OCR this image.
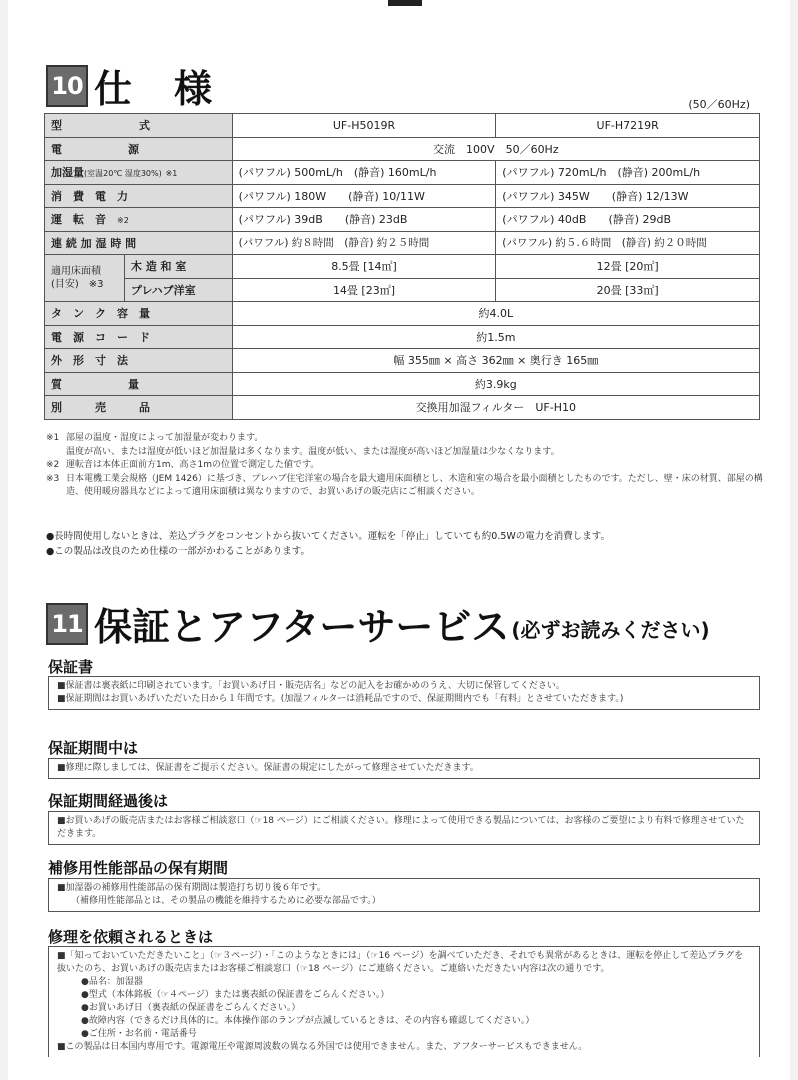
10 仕　様	(50／60Hz)
型　　　　　　　式		UF-H5019R	UF-H7219R
電　　　　　　源		交流　100V　50／60Hz	
加湿量(室温20℃ 湿度30%) ※1		(パワフル) 500mL/h　(静音) 160mL/h	(パワフル) 720mL/h　(静音) 200mL/h
消　費　電　力		(パワフル) 180W　　(静音) 10/11W	(パワフル) 345W　　(静音) 12/13W
運　転　音　 ※2		(パワフル) 39dB　　(静音) 23dB	(パワフル) 40dB　　(静音) 29dB
連 続 加 湿 時 間		(パワフル) 約８時間　(静音) 約２５時間	(パワフル) 約５.６時間　(静音) 約２０時間
適用床面積
(目安)　※3	木 造 和 室	8.5畳 [14㎡]	12畳 [20㎡]
	プレハブ洋室	14畳 [23㎡]	20畳 [33㎡]
タ　ン　ク　容　量		約4.0L	
電　源　コ　ー　ド		約1.5m	
外　形　寸　法		幅 355㎜ × 高さ 362㎜ × 奥行き 165㎜	
質　　　　　　量		約3.9kg	
別　　　売　　　品		交換用加湿フィルター　UF-H10	
※1 部屋の温度・湿度によって加湿量が変わります。
温度が高い、または湿度が低いほど加湿量は多くなります。温度が低い、または湿度が高いほど加湿量は少なくなります。
※2 運転音は本体正面前方1m、高さ1mの位置で測定した値です。
※3 日本電機工業会規格（JEM 1426）に基づき、プレハブ住宅洋室の場合を最大適用床面積とし、木造和室の場合を最小面積としたものです。ただし、壁・床の材質、部屋の構造、使用暖房器具などによって適用床面積は異なりますので、お買いあげの販売店にご相談ください。
●長時間使用しないときは、差込プラグをコンセントから抜いてください。運転を「停止」していても約0.5Wの電力を消費します。
●この製品は改良のため仕様の一部がかわることがあります。
11 保証とアフターサービス (必ずお読みください)
保証書
■保証書は裏表紙に印刷されています。「お買いあげ日・販売店名」などの記入をお確かめのうえ、大切に保管してください。
■保証期間はお買いあげいただいた日から１年間です。(加湿フィルターは消耗品ですので、保証期間内でも「有料」とさせていただきます。)
保証期間中は
■修理に際しましては、保証書をご提示ください。保証書の規定にしたがって修理させていただきます。
保証期間経過後は
■お買いあげの販売店またはお客様ご相談窓口（☞18 ページ）にご相談ください。修理によって使用できる製品については、お客様のご要望により有料で修理させていただきます。
補修用性能部品の保有期間
■加湿器の補修用性能部品の保有期間は製造打ち切り後６年です。
（補修用性能部品とは、その製品の機能を維持するために必要な部品です。）
修理を依頼されるときは
■「知っておいていただきたいこと」（☞３ページ）・「このようなときには」（☞16 ページ）を調べていただき、それでも異常があるときは、運転を停止して差込プラグを抜いたのち、お買いあげの販売店またはお客様ご相談窓口（☞18 ページ）にご連絡ください。ご連絡いただきたい内容は次の通りです。
●品名：加湿器
●型式（本体銘板（☞４ページ）または裏表紙の保証書をごらんください。）
●お買いあげ日（裏表紙の保証書をごらんください。）
●故障内容（できるだけ具体的に。本体操作部のランプが点滅しているときは、その内容も確認してください。）
●ご住所・お名前・電話番号
■この製品は日本国内専用です。電源電圧や電源周波数の異なる外国では使用できません。また、アフターサービスもできません。
